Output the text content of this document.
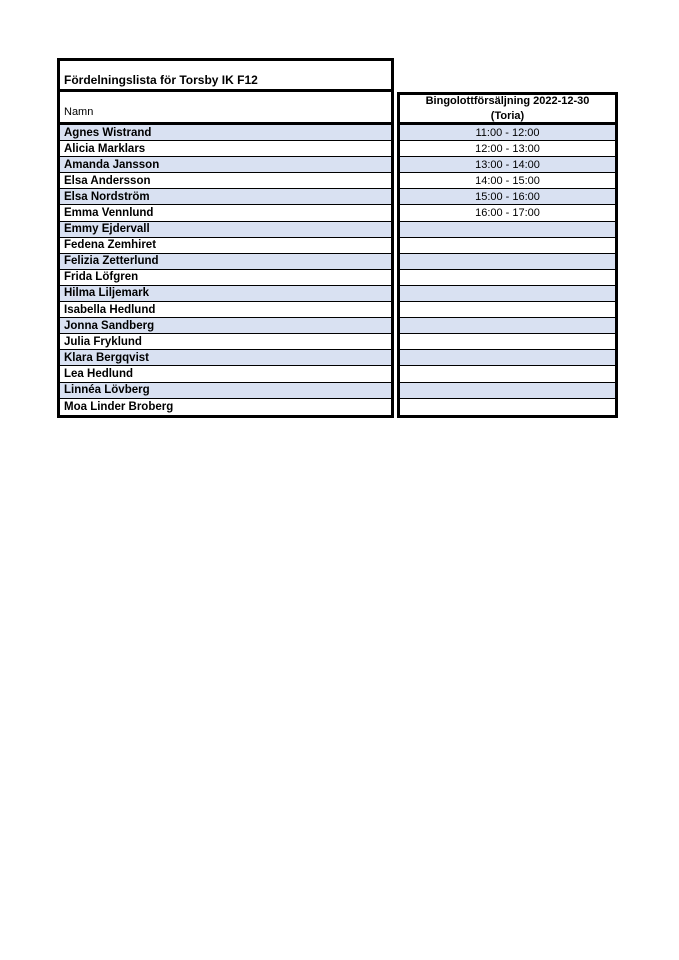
Fördelningslista för Torsby IK F12
Namn
Agnes Wistrand
Alicia Marklars
Amanda Jansson
Elsa Andersson
Elsa Nordström
Emma Vennlund
Emmy Ejdervall
Fedena Zemhiret
Felizia Zetterlund
Frida Löfgren
Hilma Liljemark
Isabella Hedlund
Jonna Sandberg
Julia Fryklund
Klara Bergqvist
Lea Hedlund
Linnéa Lövberg
Moa Linder Broberg
Bingolottförsäljning 2022-12-30
(Toria)
11:00 - 12:00
12:00 - 13:00
13:00 - 14:00
14:00 - 15:00
15:00 - 16:00
16:00 - 17:00
